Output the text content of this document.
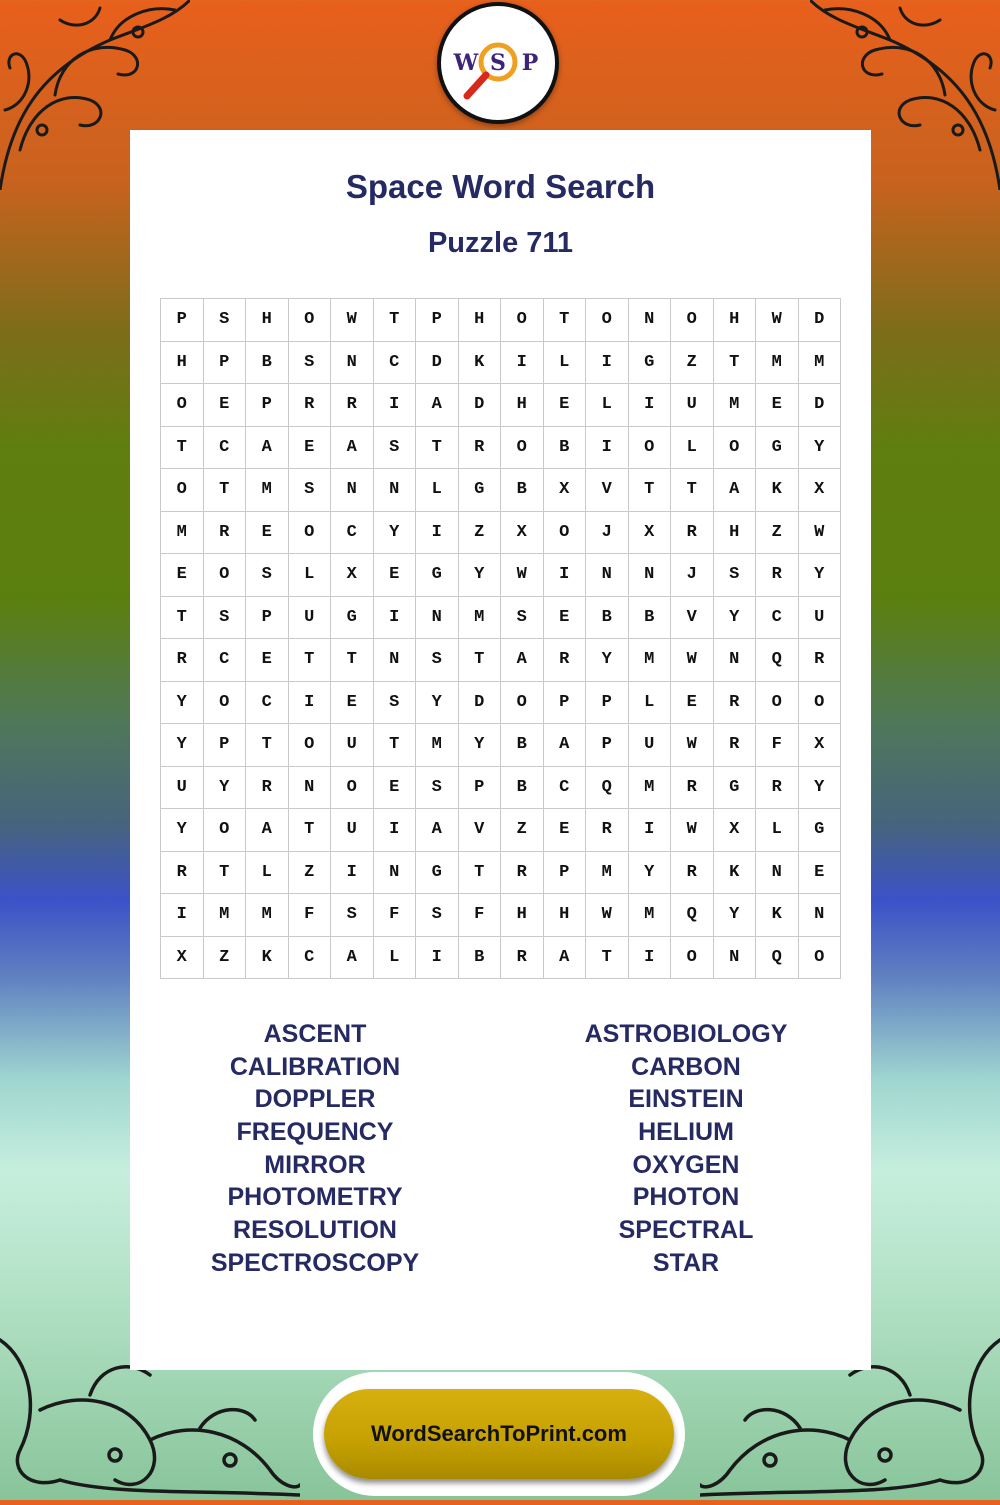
W S P
Space Word Search
Puzzle 711
P	S	H	O	W	T	P	H	O	T	O	N	O	H	W	D
H	P	B	S	N	C	D	K	I	L	I	G	Z	T	M	M
O	E	P	R	R	I	A	D	H	E	L	I	U	M	E	D
T	C	A	E	A	S	T	R	O	B	I	O	L	O	G	Y
O	T	M	S	N	N	L	G	B	X	V	T	T	A	K	X
M	R	E	O	C	Y	I	Z	X	O	J	X	R	H	Z	W
E	O	S	L	X	E	G	Y	W	I	N	N	J	S	R	Y
T	S	P	U	G	I	N	M	S	E	B	B	V	Y	C	U
R	C	E	T	T	N	S	T	A	R	Y	M	W	N	Q	R
Y	O	C	I	E	S	Y	D	O	P	P	L	E	R	O	O
Y	P	T	O	U	T	M	Y	B	A	P	U	W	R	F	X
U	Y	R	N	O	E	S	P	B	C	Q	M	R	G	R	Y
Y	O	A	T	U	I	A	V	Z	E	R	I	W	X	L	G
R	T	L	Z	I	N	G	T	R	P	M	Y	R	K	N	E
I	M	M	F	S	F	S	F	H	H	W	M	Q	Y	K	N
X	Z	K	C	A	L	I	B	R	A	T	I	O	N	Q	O
ASCENT
CALIBRATION
DOPPLER
FREQUENCY
MIRROR
PHOTOMETRY
RESOLUTION
SPECTROSCOPY
ASTROBIOLOGY
CARBON
EINSTEIN
HELIUM
OXYGEN
PHOTON
SPECTRAL
STAR
WordSearchToPrint.com
